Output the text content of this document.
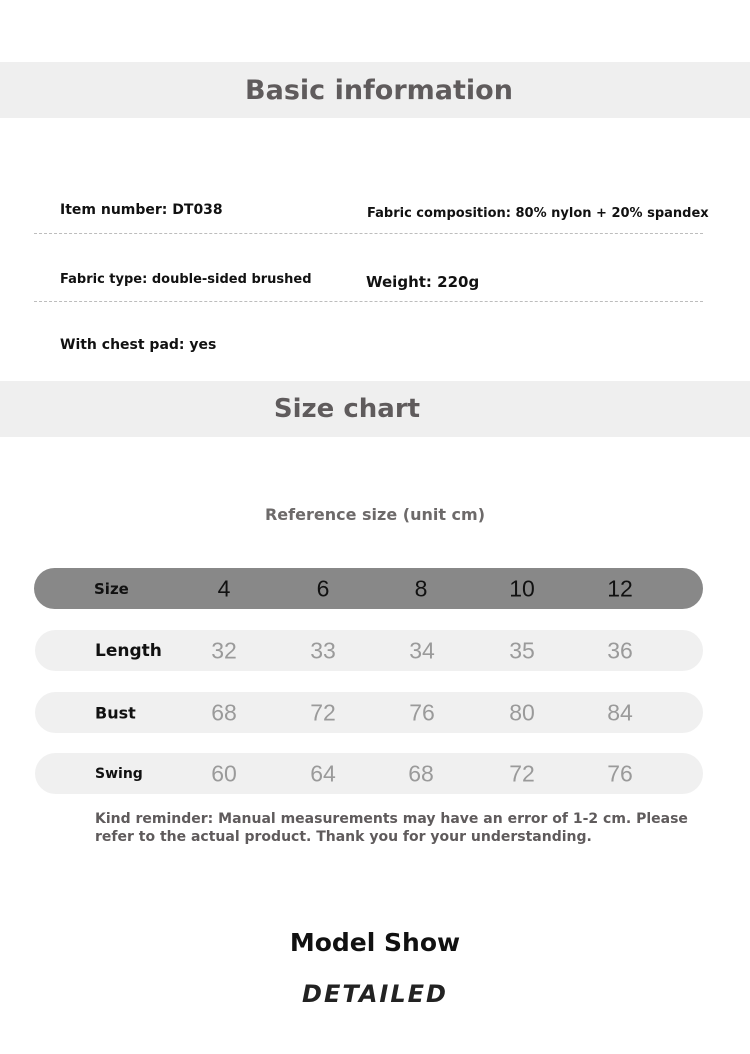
Basic information
Item number: DT038	Fabric composition: 80% nylon + 20% spandex
Fabric type: double-sided brushed	Weight: 220g
With chest pad: yes
Size chart
Reference size (unit cm)
Size	4	6	8	10	12
Length 32	33	34	35	36
Bust	68	72	76	80	84
Swing	60	64	68	72	76
Kind reminder: Manual measurements may have an error of 1-2 cm. Please refer to the actual product. Thank you for your understanding.
Model Show
DETAILED
